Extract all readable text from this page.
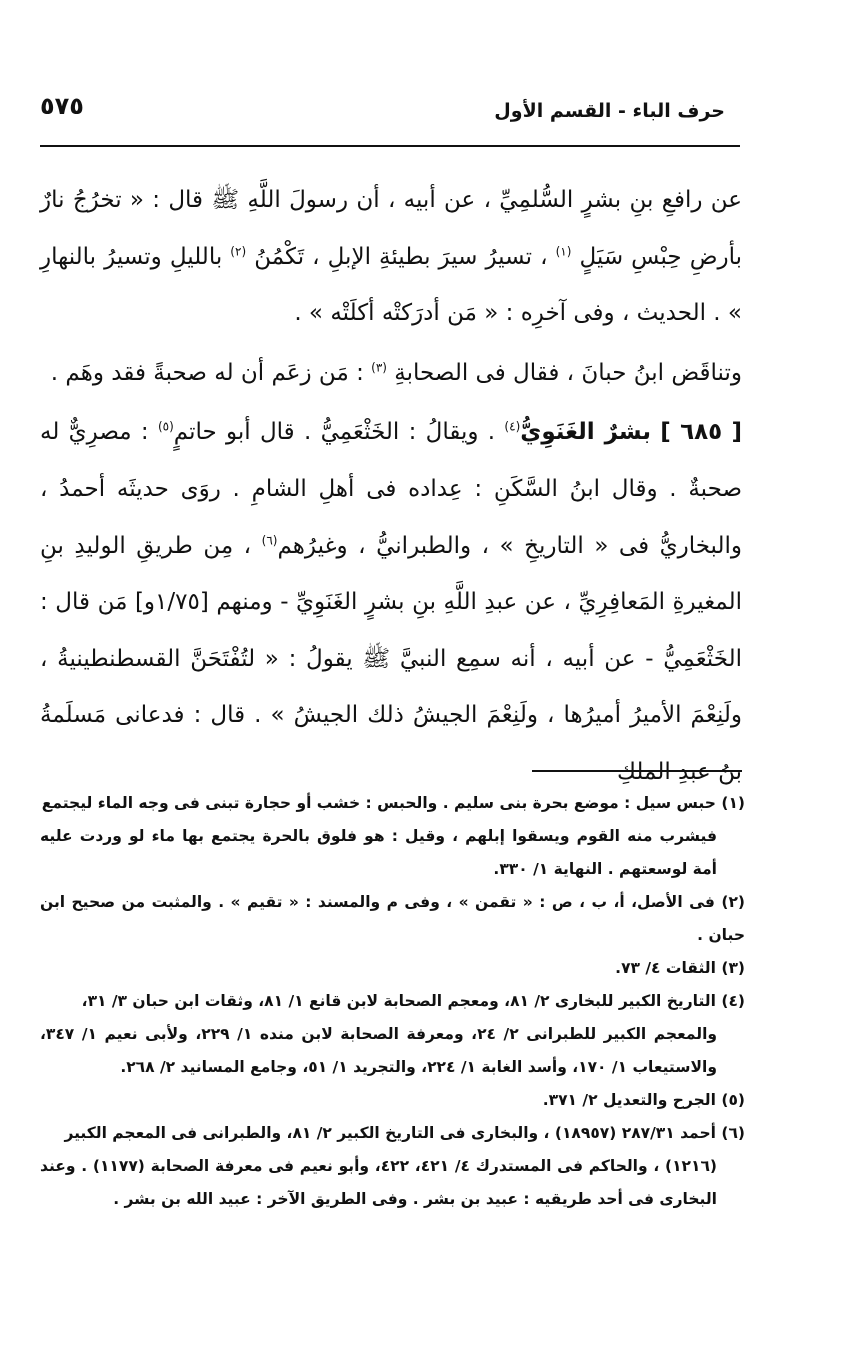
٥٧٥	حرف الباء - القسم الأول

عن رافعِ بنِ بشرٍ السُّلمِيِّ ، عن أبيه ، أن رسولَ اللَّهِ ﷺ قال : « تخرُجُ نارٌ بأرضِ حِبْسِ سَيَلٍ $^{(١)}$ ، تسيرُ سيرَ بطيئةِ الإبلِ ، تَكْمُنُ $^{(٢)}$ بالليلِ وتسيرُ بالنهارِ » . الحديث ، وفى آخرِه : « مَن أدرَكتْه أكلَتْه » .

وتناقَض ابنُ حبانَ ، فقال فى الصحابةِ $^{(٣)}$ : مَن زعَم أن له صحبةً فقد وهَم .

[ ٦٨٥ ] بشرٌ الغَنَوِيُّ$^{(٤)}$ . ويقالُ : الخَثْعَمِيُّ . قال أبو حاتمٍ$^{(٥)}$ : مصرِيٌّ له صحبةٌ . وقال ابنُ السَّكَنِ : عِداده فى أهلِ الشامِ . روَى حديثَه أحمدُ ، والبخاريُّ فى « التاريخِ » ، والطبرانيُّ ، وغيرُهم$^{(٦)}$ ، مِن طريقِ الوليدِ بنِ المغيرةِ المَعافِرِيِّ ، عن عبدِ اللَّهِ بنِ بشرٍ الغَنَوِيِّ - ومنهم [١/٧٥و] مَن قال : الخَثْعَمِيُّ - عن أبيه ، أنه سمِع النبيَّ ﷺ يقولُ : « لتُفْتَحَنَّ القسطنطينيةُ ، ولَنِعْمَ الأميرُ أميرُها ، ولَنِعْمَ الجيشُ ذلك الجيشُ » . قال : فدعانى مَسلَمةُ بنُ عبدِ الملكِ

(١) حبس سيل : موضع بحرة بنى سليم . والحبس : خشب أو حجارة تبنى فى وجه الماء ليجتمع
فيشرب منه القوم ويسقوا إبلهم ، وقيل : هو فلوق بالحرة يجتمع بها ماء لو وردت عليه أمة لوسعتهم . النهاية ١/ ٣٣٠.

(٢) فى الأصل، أ، ب ، ص : « تقمن » ، وفى م والمسند : « تقيم » . والمثبت من صحيح ابن حبان .

(٣) الثقات ٤/ ٧٣.

(٤) التاريخ الكبير للبخارى ٢/ ٨١، ومعجم الصحابة لابن قانع ١/ ٨١، وثقات ابن حبان ٣/ ٣١،
والمعجم الكبير للطبرانى ٢/ ٢٤، ومعرفة الصحابة لابن منده ١/ ٢٢٩، ولأبى نعيم ١/ ٣٤٧، والاستيعاب ١/ ١٧٠، وأسد الغابة ١/ ٢٢٤، والتجريد ١/ ٥١، وجامع المسانيد ٢/ ٢٦٨.

(٥) الجرح والتعديل ٢/ ٣٧١.

(٦) أحمد ٢٨٧/٣١ (١٨٩٥٧) ، والبخارى فى التاريخ الكبير ٢/ ٨١، والطبرانى فى المعجم الكبير
(١٢١٦) ، والحاكم فى المستدرك ٤/ ٤٢١، ٤٢٢، وأبو نعيم فى معرفة الصحابة (١١٧٧) . وعند البخارى فى أحد طريقيه : عبيد بن بشر . وفى الطريق الآخر : عبيد الله بن بشر .
